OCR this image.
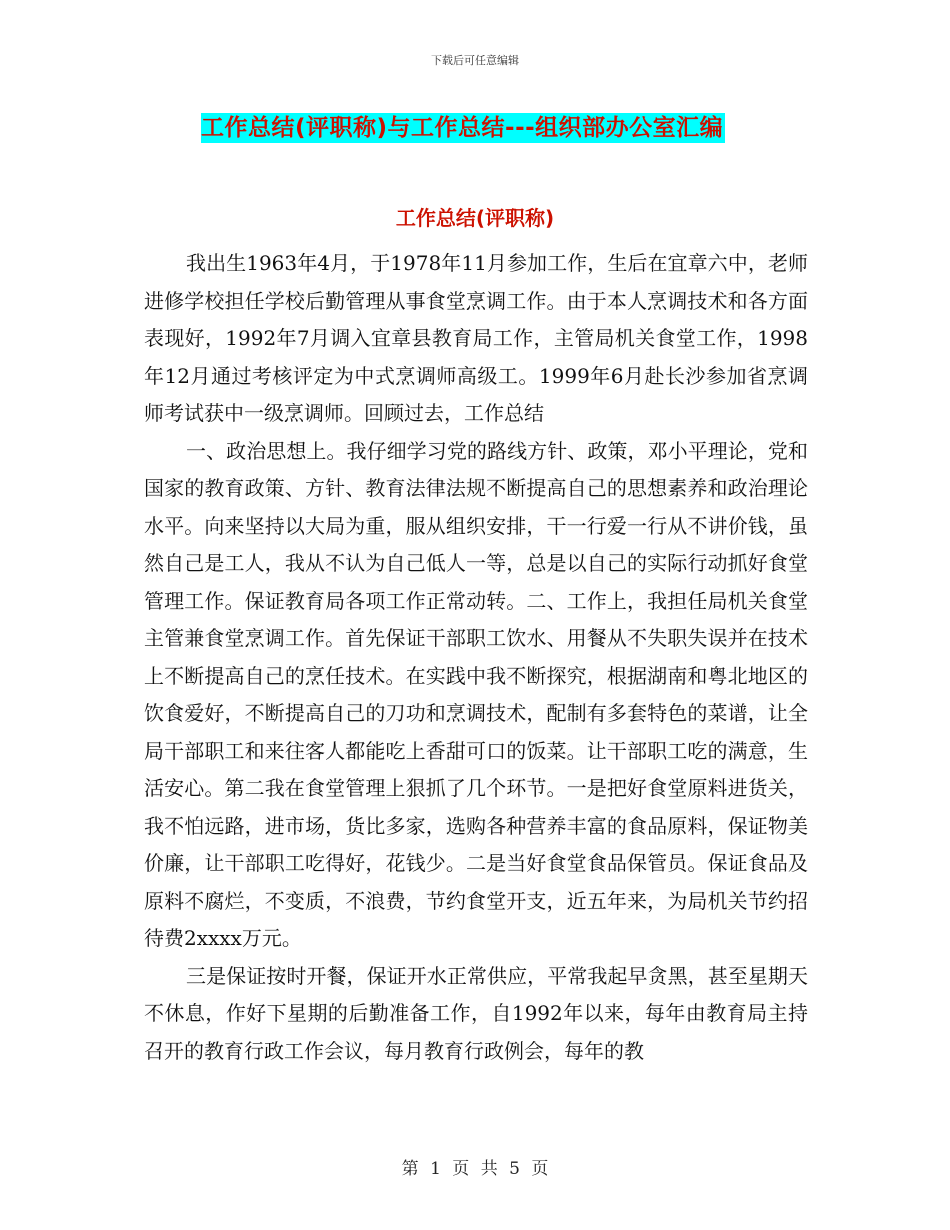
下载后可任意编辑
工作总结(评职称)与工作总结---组织部办公室汇编
工作总结(评职称)

我出生1963年4月，于1978年11月参加工作，生后在宜章六中，老师进修学校担任学校后勤管理从事食堂烹调工作。由于本人烹调技术和各方面表现好，1992年7月调入宜章县教育局工作，主管局机关食堂工作，1998年12月通过考核评定为中式烹调师高级工。1999年6月赴长沙参加省烹调师考试获中一级烹调师。回顾过去，工作总结

一、政治思想上。我仔细学习党的路线方针、政策，邓小平理论，党和国家的教育政策、方针、教育法律法规不断提高自己的思想素养和政治理论水平。向来坚持以大局为重，服从组织安排，干一行爱一行从不讲价钱，虽然自己是工人，我从不认为自己低人一等，总是以自己的实际行动抓好食堂管理工作。保证教育局各项工作正常动转。二、工作上，我担任局机关食堂主管兼食堂烹调工作。首先保证干部职工饮水、用餐从不失职失误并在技术上不断提高自己的烹任技术。在实践中我不断探究，根据湖南和粤北地区的饮食爱好，不断提高自己的刀功和烹调技术，配制有多套特色的菜谱，让全局干部职工和来往客人都能吃上香甜可口的饭菜。让干部职工吃的满意，生活安心。第二我在食堂管理上狠抓了几个环节。一是把好食堂原料进货关，我不怕远路，进市场，货比多家，选购各种营养丰富的食品原料，保证物美价廉，让干部职工吃得好，花钱少。二是当好食堂食品保管员。保证食品及原料不腐烂，不变质，不浪费，节约食堂开支，近五年来，为局机关节约招待费2xxxx万元。

三是保证按时开餐，保证开水正常供应，平常我起早贪黑，甚至星期天不休息，作好下星期的后勤准备工作，自1992年以来，每年由教育局主持召开的教育行政工作会议，每月教育行政例会，每年的教

第 1 页 共 5 页
